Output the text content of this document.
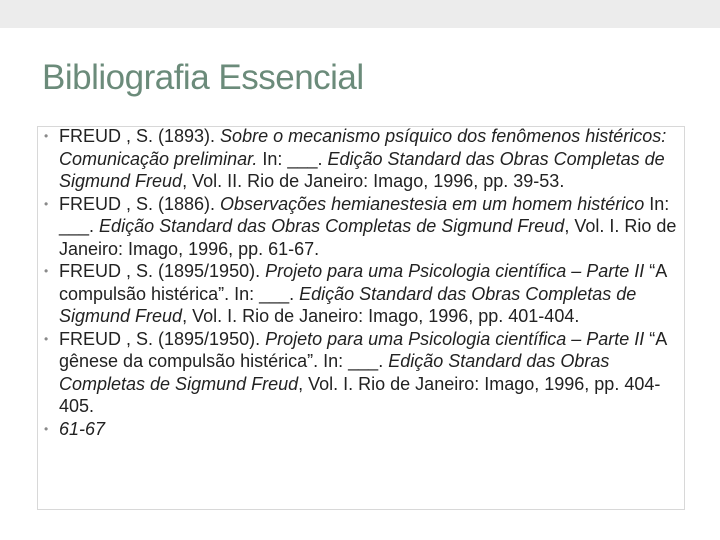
Bibliografia Essencial
• FREUD , S. (1893). Sobre o mecanismo psíquico dos fenômenos histéricos: Comunicação preliminar. In: ___. Edição Standard das Obras Completas de Sigmund Freud, Vol. II. Rio de Janeiro: Imago, 1996, pp. 39-53.
• FREUD , S. (1886). Observações hemianestesia em um homem histérico In: ___. Edição Standard das Obras Completas de Sigmund Freud, Vol. I. Rio de Janeiro: Imago, 1996, pp. 61-67.
• FREUD , S. (1895/1950). Projeto para uma Psicologia científica – Parte II “A compulsão histérica”. In: ___. Edição Standard das Obras Completas de Sigmund Freud, Vol. I. Rio de Janeiro: Imago, 1996, pp. 401-404.
• FREUD , S. (1895/1950). Projeto para uma Psicologia científica – Parte II “A gênese da compulsão histérica”. In: ___. Edição Standard das Obras Completas de Sigmund Freud, Vol. I. Rio de Janeiro: Imago, 1996, pp. 404- 405.
• 61-67
